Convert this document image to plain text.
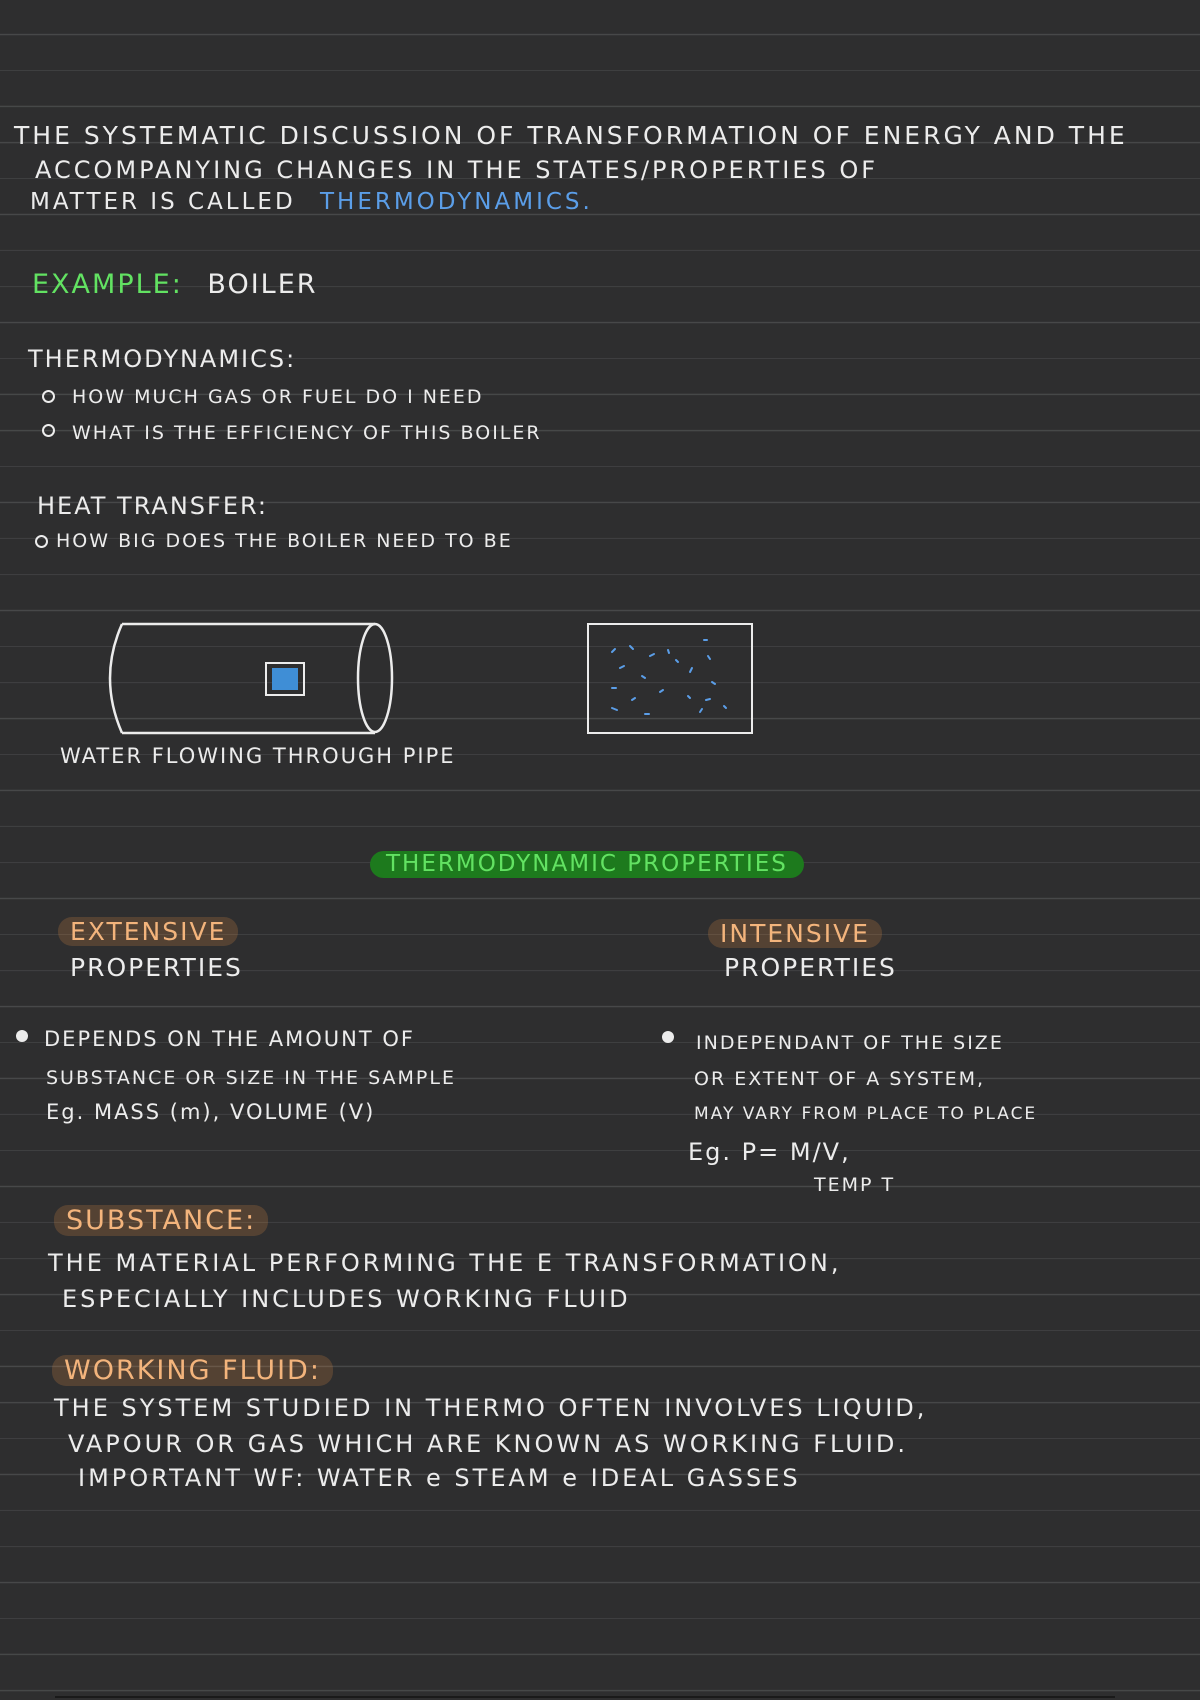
THE SYSTEMATIC DISCUSSION OF TRANSFORMATION OF ENERGY AND THE
ACCOMPANYING CHANGES IN THE STATES/PROPERTIES OF
MATTER IS CALLED THERMODYNAMICS.
EXAMPLE: BOILER
THERMODYNAMICS:
HOW MUCH GAS OR FUEL DO I NEED
WHAT IS THE EFFICIENCY OF THIS BOILER
HEAT TRANSFER:
HOW BIG DOES THE BOILER NEED TO BE
WATER FLOWING THROUGH PIPE
THERMODYNAMIC PROPERTIES
EXTENSIVE
PROPERTIES
DEPENDS ON THE AMOUNT OF
SUBSTANCE OR SIZE IN THE SAMPLE
Eg. MASS (m), VOLUME (V)
INTENSIVE
PROPERTIES
INDEPENDANT OF THE SIZE
OR EXTENT OF A SYSTEM,
MAY VARY FROM PLACE TO PLACE
Eg. P= M/V,
TEMP T
SUBSTANCE:
THE MATERIAL PERFORMING THE E TRANSFORMATION,
ESPECIALLY INCLUDES WORKING FLUID
WORKING FLUID:
THE SYSTEM STUDIED IN THERMO OFTEN INVOLVES LIQUID,
VAPOUR OR GAS WHICH ARE KNOWN AS WORKING FLUID.
IMPORTANT WF: WATER e STEAM e IDEAL GASSES
